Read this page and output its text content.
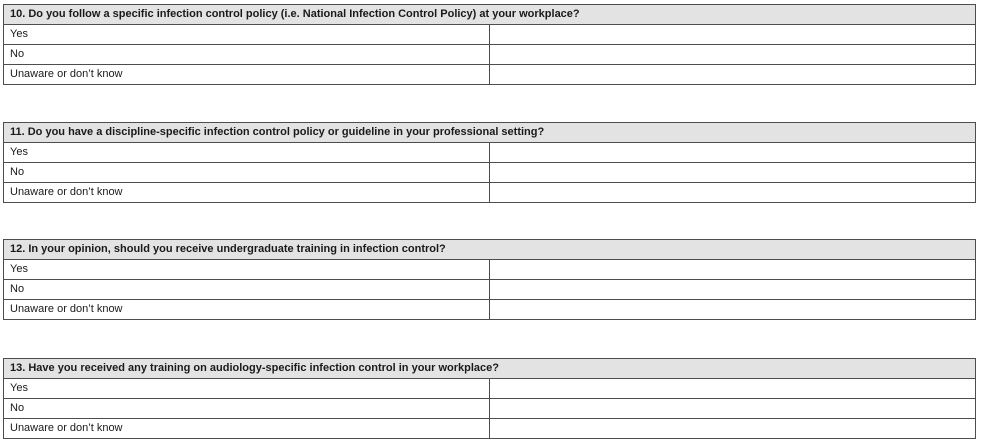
10. Do you follow a specific infection control policy (i.e. National Infection Control Policy) at your workplace?	
Yes	
No	
Unaware or don’t know	
11. Do you have a discipline-specific infection control policy or guideline in your professional setting?	
Yes	
No	
Unaware or don’t know	
12. In your opinion, should you receive undergraduate training in infection control?	
Yes	
No	
Unaware or don’t know	
13. Have you received any training on audiology-specific infection control in your workplace?	
Yes	
No	
Unaware or don’t know	
